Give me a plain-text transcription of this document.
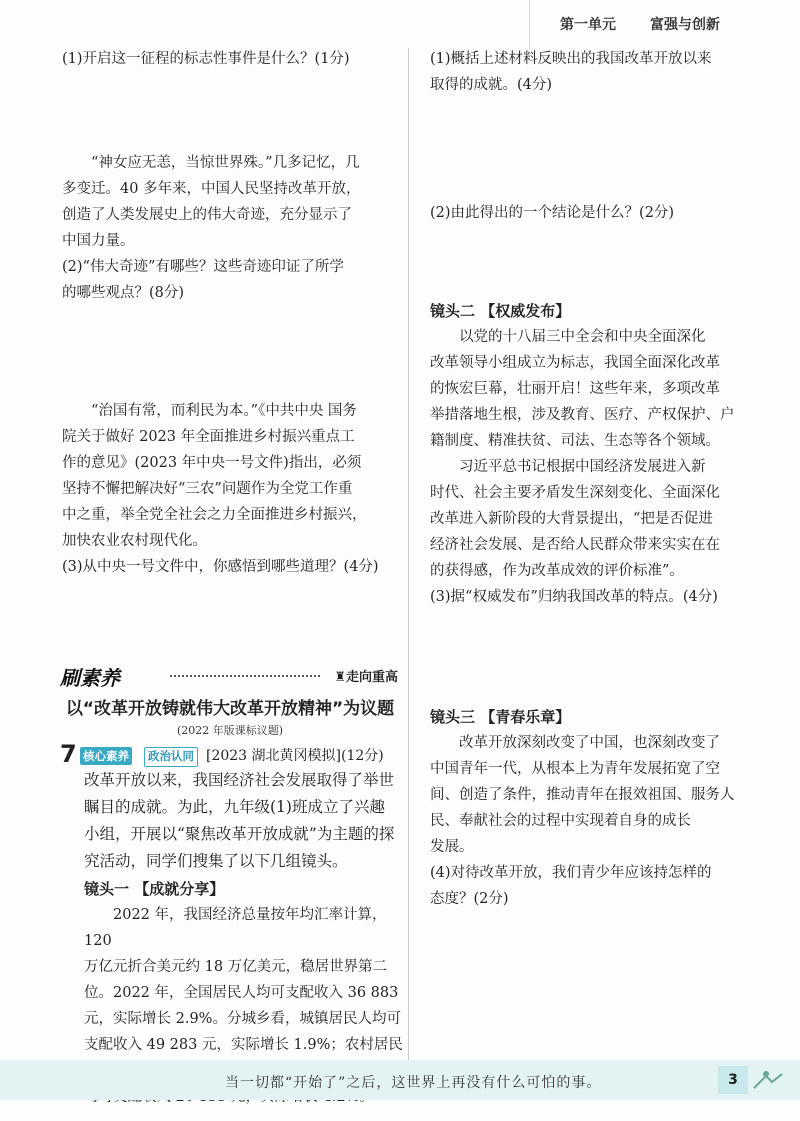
第一单元 富强与创新

(1)开启这一征程的标志性事件是什么？(1分)

“神女应无恙，当惊世界殊。”几多记忆，几

多变迁。40 多年来，中国人民坚持改革开放，

创造了人类发展史上的伟大奇迹，充分显示了

中国力量。

(2)“伟大奇迹”有哪些？这些奇迹印证了所学

的哪些观点？(8分)

“治国有常，而利民为本。”《中共中央 国务

院关于做好 2023 年全面推进乡村振兴重点工

作的意见》(2023 年中央一号文件)指出，必须

坚持不懈把解决好“三农”问题作为全党工作重

中之重，举全党全社会之力全面推进乡村振兴，

加快农业农村现代化。

(3)从中央一号文件中，你感悟到哪些道理？(4分)

刷素养	♜走向重高
以“改革开放铸就伟大改革开放精神”为议题
(2022 年版课标议题)
7 核心素养	政治认同 [2023 湖北黄冈模拟](12分)

改革开放以来，我国经济社会发展取得了举世

瞩目的成就。为此，九年级(1)班成立了兴趣

小组，开展以“聚焦改革开放成就”为主题的探

究活动，同学们搜集了以下几组镜头。

镜头一 【成就分享】

2022 年，我国经济总量按年均汇率计算，120

万亿元折合美元约 18 万亿美元，稳居世界第二

位。2022 年，全国居民人均可支配收入 36 883

元，实际增长 2.9%。分城乡看，城镇居民人均可

支配收入 49 283 元，实际增长 1.9%；农村居民

(1)概括上述材料反映出的我国改革开放以来

取得的成就。(4分)

(2)由此得出的一个结论是什么？(2分)

镜头二 【权威发布】

以党的十八届三中全会和中央全面深化

改革领导小组成立为标志，我国全面深化改革

的恢宏巨幕，壮丽开启！这些年来，多项改革

举措落地生根，涉及教育、医疗、产权保护、户

籍制度、精准扶贫、司法、生态等各个领域。

习近平总书记根据中国经济发展进入新

时代、社会主要矛盾发生深刻变化、全面深化

改革进入新阶段的大背景提出，“把是否促进

经济社会发展、是否给人民群众带来实实在在

的获得感，作为改革成效的评价标准”。

(3)据“权威发布”归纳我国改革的特点。(4分)

镜头三 【青春乐章】

改革开放深刻改变了中国，也深刻改变了

中国青年一代，从根本上为青年发展拓宽了空

间、创造了条件，推动青年在报效祖国、服务人

民、奉献社会的过程中实现着自身的成长

发展。

(4)对待改革开放，我们青少年应该持怎样的

态度？(2分)

当一切都“开始了”之后，这世界上再没有什么可怕的事。	3
